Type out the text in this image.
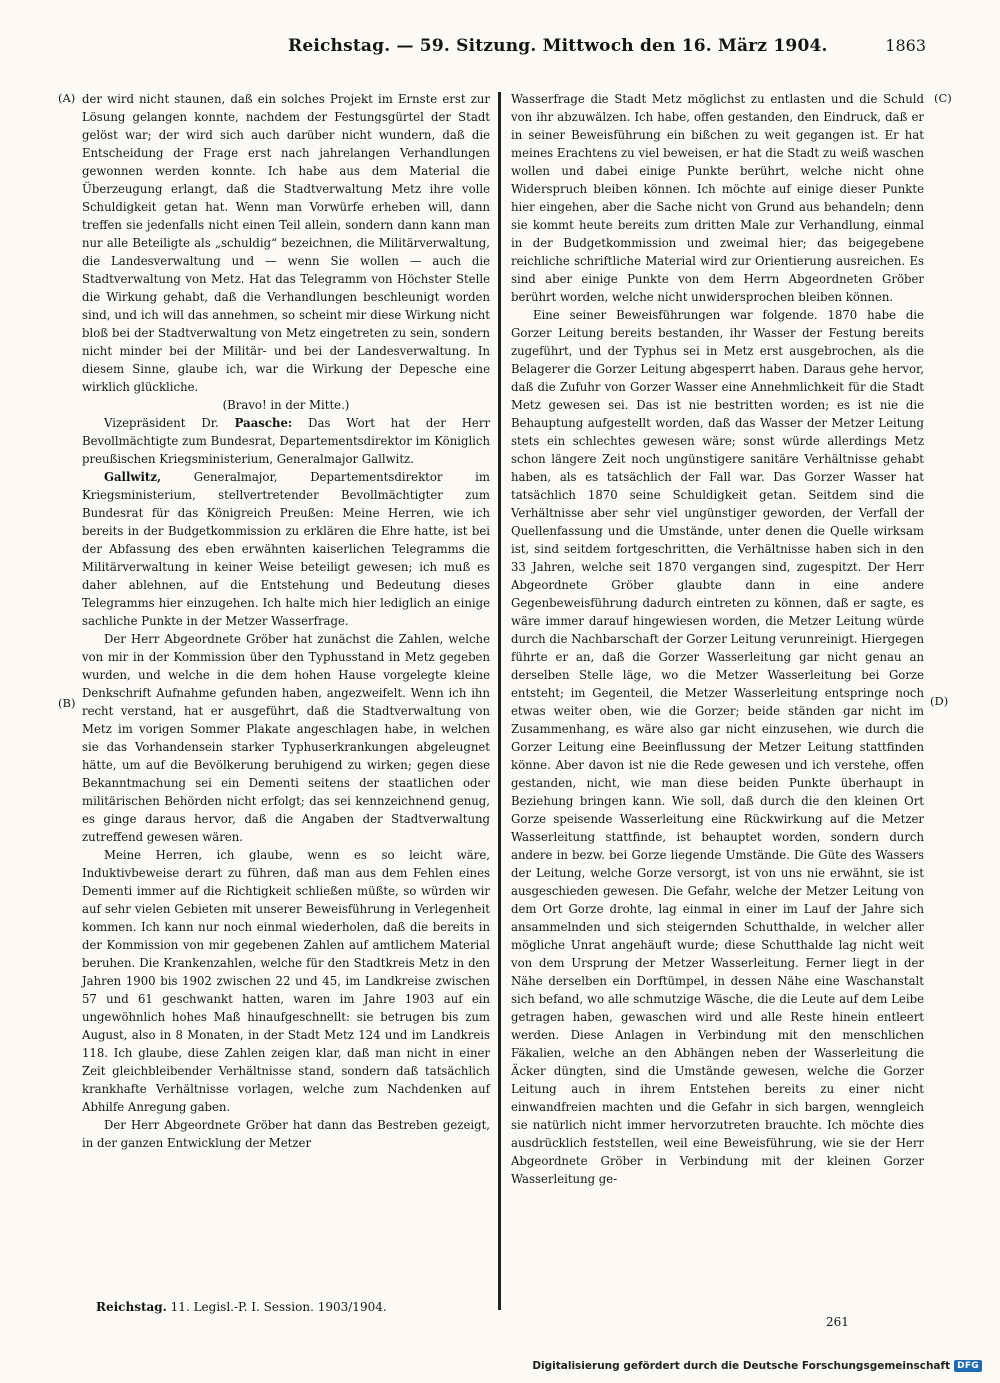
Reichstag. — 59. Sitzung. Mittwoch den 16. März 1904.	1863
(A)
(B)
(C)
(D)

der wird nicht staunen, daß ein solches Projekt im Ernste erst zur Lösung gelangen konnte, nachdem der Festungsgürtel der Stadt gelöst war; der wird sich auch darüber nicht wundern, daß die Entscheidung der Frage erst nach jahrelangen Verhandlungen gewonnen werden konnte. Ich habe aus dem Material die Überzeugung erlangt, daß die Stadtverwaltung Metz ihre volle Schuldigkeit getan hat. Wenn man Vorwürfe erheben will, dann treffen sie jedenfalls nicht einen Teil allein, sondern dann kann man nur alle Beteiligte als „schuldig“ bezeichnen, die Militärverwaltung, die Landesverwaltung und — wenn Sie wollen — auch die Stadtverwaltung von Metz. Hat das Telegramm von Höchster Stelle die Wirkung gehabt, daß die Verhandlungen beschleunigt worden sind, und ich will das annehmen, so scheint mir diese Wirkung nicht bloß bei der Stadtverwaltung von Metz eingetreten zu sein, sondern nicht minder bei der Militär- und bei der Landesverwaltung. In diesem Sinne, glaube ich, war die Wirkung der Depesche eine wirklich glückliche.

(Bravo! in der Mitte.)

Vizepräsident Dr. Paasche: Das Wort hat der Herr Bevollmächtigte zum Bundesrat, Departementsdirektor im Königlich preußischen Kriegsministerium, Generalmajor Gallwitz.

Gallwitz,	Generalmajor, Departementsdirektor im Kriegsministerium, stellvertretender Bevollmächtigter zum Bundesrat für das Königreich Preußen: Meine Herren, wie ich bereits in der Budgetkommission zu erklären die Ehre hatte, ist bei der Abfassung des eben erwähnten kaiserlichen Telegramms die Militärverwaltung in keiner Weise beteiligt gewesen; ich muß es daher ablehnen, auf die Entstehung und Bedeutung dieses Telegramms hier einzugehen. Ich halte mich hier lediglich an einige sachliche Punkte in der Metzer Wasserfrage.

Der Herr Abgeordnete Gröber hat zunächst die Zahlen, welche von mir in der Kommission über den Typhusstand in Metz gegeben wurden, und welche in die dem hohen Hause vorgelegte kleine Denkschrift Aufnahme gefunden haben, angezweifelt. Wenn ich ihn recht verstand, hat er ausgeführt, daß die Stadtverwaltung von Metz im vorigen Sommer Plakate angeschlagen habe, in welchen sie das Vorhandensein starker Typhuserkrankungen abgeleugnet hätte, um auf die Bevölkerung beruhigend zu wirken; gegen diese Bekanntmachung sei ein Dementi seitens der staatlichen oder militärischen Behörden nicht erfolgt; das sei kennzeichnend genug, es ginge daraus hervor, daß die Angaben der Stadtverwaltung zutreffend gewesen wären.

Meine Herren, ich glaube, wenn es so leicht wäre, Induktivbeweise derart zu führen, daß man aus dem Fehlen eines Dementi immer auf die Richtigkeit schließen müßte, so würden wir auf sehr vielen Gebieten mit unserer Beweisführung in Verlegenheit kommen. Ich kann nur noch einmal wiederholen, daß die bereits in der Kommission von mir gegebenen Zahlen auf amtlichem Material beruhen. Die Krankenzahlen, welche für den Stadtkreis Metz in den Jahren 1900 bis 1902 zwischen 22 und 45, im Landkreise zwischen 57 und 61 geschwankt hatten, waren im Jahre 1903 auf ein ungewöhnlich hohes Maß hinaufgeschnellt: sie betrugen bis zum August, also in 8 Monaten, in der Stadt Metz 124 und im Landkreis 118. Ich glaube, diese Zahlen zeigen klar, daß man nicht in einer Zeit gleichbleibender Verhältnisse stand, sondern daß tatsächlich krankhafte Verhältnisse vorlagen, welche zum Nachdenken auf Abhilfe Anregung gaben.

Der Herr Abgeordnete Gröber hat dann das Bestreben gezeigt, in der ganzen Entwicklung der Metzer

Wasserfrage die Stadt Metz möglichst zu entlasten und die Schuld von ihr abzuwälzen. Ich habe, offen gestanden, den Eindruck, daß er in seiner Beweisführung ein bißchen zu weit gegangen ist. Er hat meines Erachtens zu viel beweisen, er hat die Stadt zu weiß waschen wollen und dabei einige Punkte berührt, welche nicht ohne Widerspruch bleiben können. Ich möchte auf einige dieser Punkte hier eingehen, aber die Sache nicht von Grund aus behandeln; denn sie kommt heute bereits zum dritten Male zur Verhandlung, einmal in der Budgetkommission und zweimal hier; das beigegebene reichliche schriftliche Material wird zur Orientierung ausreichen. Es sind aber einige Punkte von dem Herrn Abgeordneten Gröber berührt worden, welche nicht unwidersprochen bleiben können.

Eine seiner Beweisführungen war folgende. 1870 habe die Gorzer Leitung bereits bestanden, ihr Wasser der Festung bereits zugeführt, und der Typhus sei in Metz erst ausgebrochen, als die Belagerer die Gorzer Leitung abgesperrt haben. Daraus gehe hervor, daß die Zufuhr von Gorzer Wasser eine Annehmlichkeit für die Stadt Metz gewesen sei. Das ist nie bestritten worden; es ist nie die Behauptung aufgestellt worden, daß das Wasser der Metzer Leitung stets ein schlechtes gewesen wäre; sonst würde allerdings Metz schon längere Zeit noch ungünstigere sanitäre Verhältnisse gehabt haben, als es tatsächlich der Fall war. Das Gorzer Wasser hat tatsächlich 1870 seine Schuldigkeit getan. Seitdem sind die Verhältnisse aber sehr viel ungünstiger geworden, der Verfall der Quellenfassung und die Umstände, unter denen die Quelle wirksam ist, sind seitdem fortgeschritten, die Verhältnisse haben sich in den 33 Jahren, welche seit 1870 vergangen sind, zugespitzt. Der Herr Abgeordnete Gröber glaubte dann in eine andere Gegenbeweisführung dadurch eintreten zu können, daß er sagte, es wäre immer darauf hingewiesen worden, die Metzer Leitung würde durch die Nachbarschaft der Gorzer Leitung verunreinigt. Hiergegen führte er an, daß die Gorzer Wasserleitung gar nicht genau an derselben Stelle läge, wo die Metzer Wasserleitung bei Gorze entsteht; im Gegenteil, die Metzer Wasserleitung entspringe noch etwas weiter oben, wie die Gorzer; beide ständen gar nicht im Zusammenhang, es wäre also gar nicht einzusehen, wie durch die Gorzer Leitung eine Beeinflussung der Metzer Leitung stattfinden könne. Aber davon ist nie die Rede gewesen und ich verstehe, offen gestanden, nicht, wie man diese beiden Punkte überhaupt in Beziehung bringen kann. Wie soll, daß durch die den kleinen Ort Gorze speisende Wasserleitung eine Rückwirkung auf die Metzer Wasserleitung stattfinde, ist behauptet worden, sondern durch andere in bezw. bei Gorze liegende Umstände. Die Güte des Wassers der Leitung, welche Gorze versorgt, ist von uns nie erwähnt, sie ist ausgeschieden gewesen. Die Gefahr, welche der Metzer Leitung von dem Ort Gorze drohte, lag einmal in einer im Lauf der Jahre sich ansammelnden und sich steigernden Schutthalde, in welcher aller mögliche Unrat angehäuft wurde; diese Schutthalde lag nicht weit von dem Ursprung der Metzer Wasserleitung. Ferner liegt in der Nähe derselben ein Dorftümpel, in dessen Nähe eine Waschanstalt sich befand, wo alle schmutzige Wäsche, die die Leute auf dem Leibe getragen haben, gewaschen wird und alle Reste hinein entleert werden. Diese Anlagen in Verbindung mit den menschlichen Fäkalien, welche an den Abhängen neben der Wasserleitung die Äcker düngten, sind die Umstände gewesen, welche die Gorzer Leitung auch in ihrem Entstehen bereits zu einer nicht einwandfreien machten und die Gefahr in sich bargen, wenngleich sie natürlich nicht immer hervorzutreten brauchte. Ich möchte dies ausdrücklich feststellen, weil eine Beweisführung, wie sie der Herr Abgeordnete Gröber in Verbindung mit der kleinen Gorzer Wasserleitung ge-

Reichstag. 11. Legisl.-P. I. Session. 1903/1904.
261
Digitalisierung gefördert durch die Deutsche Forschungsgemeinschaft DFG
